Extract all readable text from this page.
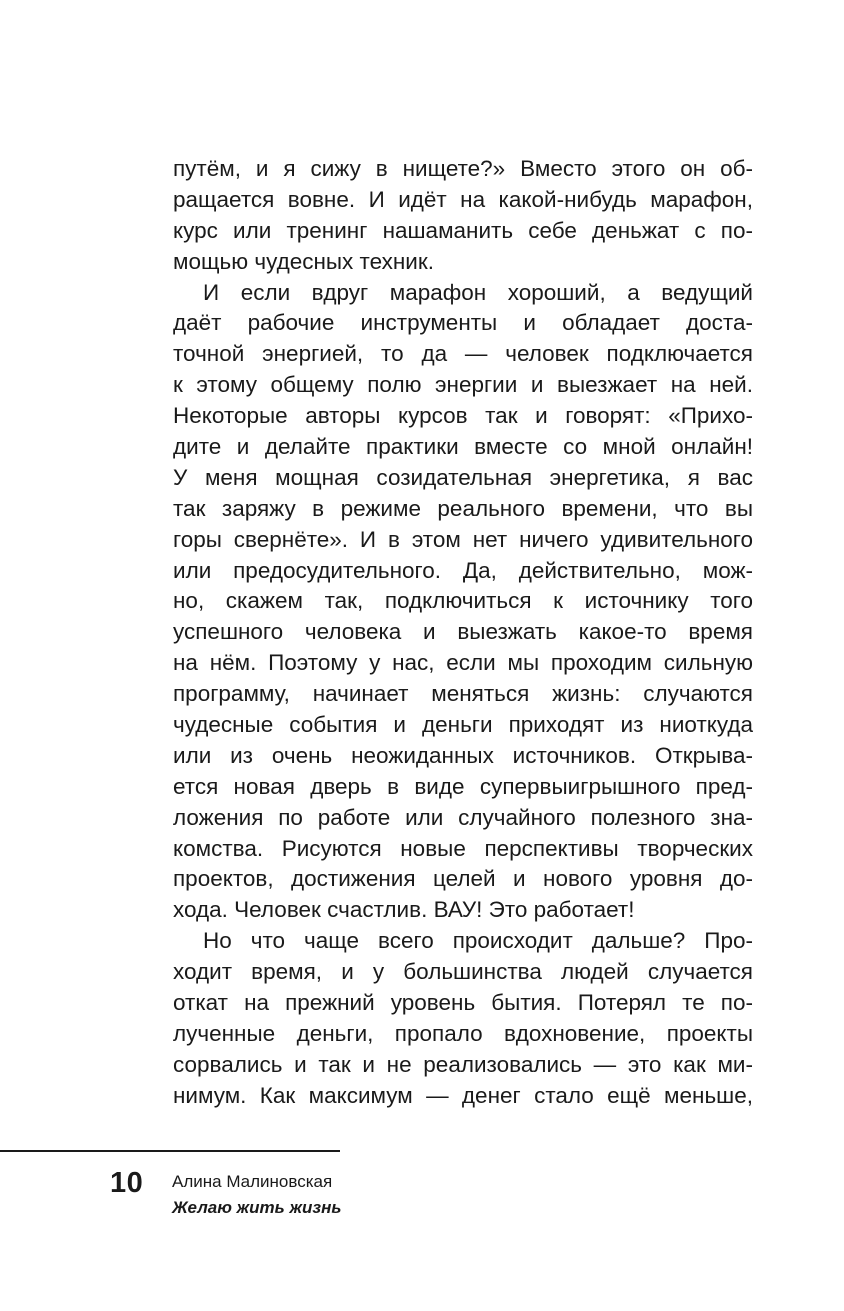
путём, и я сижу в нищете?» Вместо этого он об-
ращается вовне. И идёт на какой-нибудь марафон,
курс или тренинг нашаманить себе деньжат с по-
мощью чудесных техник.
И если вдруг марафон хороший, а ведущий
даёт рабочие инструменты и обладает доста-
точной энергией, то да — человек подключается
к этому общему полю энергии и выезжает на ней.
Некоторые авторы курсов так и говорят: «Прихо-
дите и делайте практики вместе со мной онлайн!
У меня мощная созидательная энергетика, я вас
так заряжу в режиме реального времени, что вы
горы свернёте». И в этом нет ничего удивительного
или предосудительного. Да, действительно, мож-
но, скажем так, подключиться к источнику того
успешного человека и выезжать какое-то время
на нём. Поэтому у нас, если мы проходим сильную
программу, начинает меняться жизнь: случаются
чудесные события и деньги приходят из ниоткуда
или из очень неожиданных источников. Открыва-
ется новая дверь в виде супервыигрышного пред-
ложения по работе или случайного полезного зна-
комства. Рисуются новые перспективы творческих
проектов, достижения целей и нового уровня до-
хода. Человек счастлив. ВАУ! Это работает!
Но что чаще всего происходит дальше? Про-
ходит время, и у большинства людей случается
откат на прежний уровень бытия. Потерял те по-
лученные деньги, пропало вдохновение, проекты
сорвались и так и не реализовались — это как ми-
нимум. Как максимум — денег стало ещё меньше,
10 Алина Малиновская
Желаю жить жизнь
